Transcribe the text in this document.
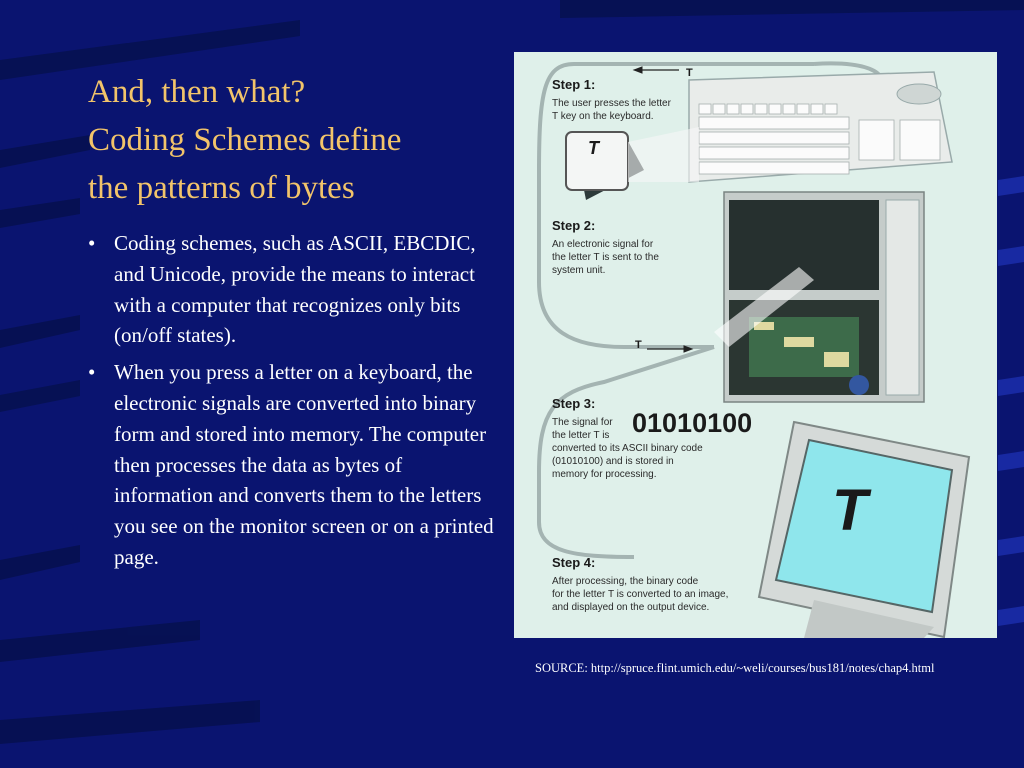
And, then what?
Coding Schemes define
the patterns of bytes
• Coding schemes, such as ASCII, EBCDIC, and Unicode, provide the means to interact with a computer that recognizes only bits (on/off states).
• When you press a letter on a keyboard, the electronic signals are converted into binary form and stored into memory. The computer then processes the data as bytes of information and converts them to the letters you see on the monitor screen or on a printed page.
T
T
T
Step 1:
The user presses the letter
T key on the keyboard.
Step 2:
An electronic signal for
the letter T is sent to the
system unit.
01010100
Step 3:
The signal for
the letter T is
converted to its ASCII binary code
(01010100) and is stored in
memory for processing.
T
Step 4:
After processing, the binary code
for the letter T is converted to an image,
and displayed on the output device.
SOURCE: http://spruce.flint.umich.edu/~weli/courses/bus181/notes/chap4.html
